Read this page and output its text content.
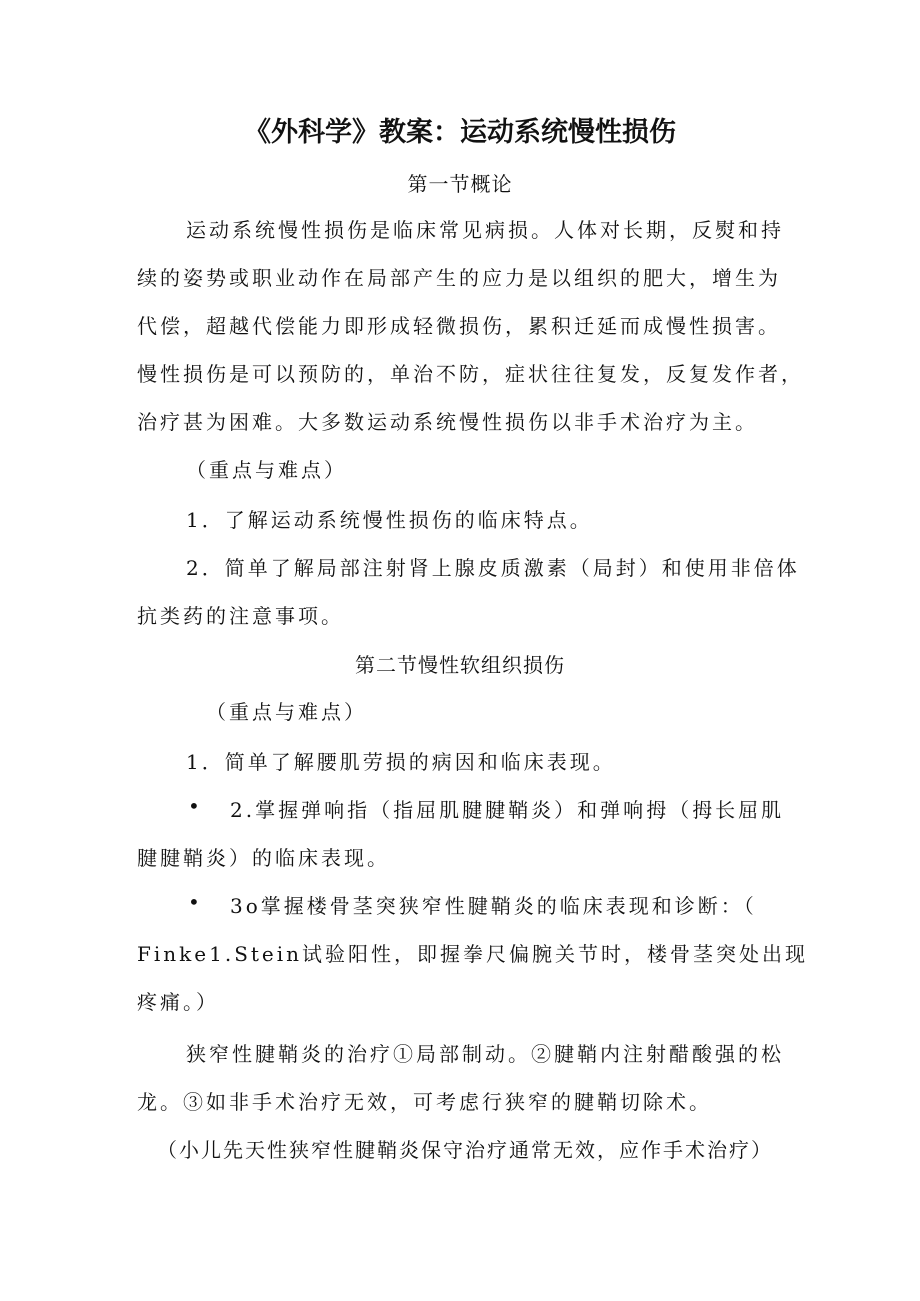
《外科学》教案：运动系统慢性损伤
第一节概论
运动系统慢性损伤是临床常见病损。人体对长期，反熨和持
续的姿势或职业动作在局部产生的应力是以组织的肥大，增生为
代偿，超越代偿能力即形成轻微损伤，累积迁延而成慢性损害。
慢性损伤是可以预防的，单治不防，症状往往复发，反复发作者，
治疗甚为困难。大多数运动系统慢性损伤以非手术治疗为主。
（重点与难点）
1．了解运动系统慢性损伤的临床特点。
2．简单了解局部注射肾上腺皮质激素（局封）和使用非倍体
抗类药的注意事项。
第二节慢性软组织损伤
（重点与难点）
1．简单了解腰肌劳损的病因和临床表现。
• 2.掌握弹响指（指屈肌腱腱鞘炎）和弹响拇（拇长屈肌
腱腱鞘炎）的临床表现。
• 3o掌握楼骨茎突狭窄性腱鞘炎的临床表现和诊断：（
Finke1.Stein试验阳性，即握拳尺偏腕关节时，楼骨茎突处出现
疼痛。）
狭窄性腱鞘炎的治疗①局部制动。②腱鞘内注射醋酸强的松
龙。③如非手术治疗无效，可考虑行狭窄的腱鞘切除术。
（小儿先天性狭窄性腱鞘炎保守治疗通常无效，应作手术治疗）
